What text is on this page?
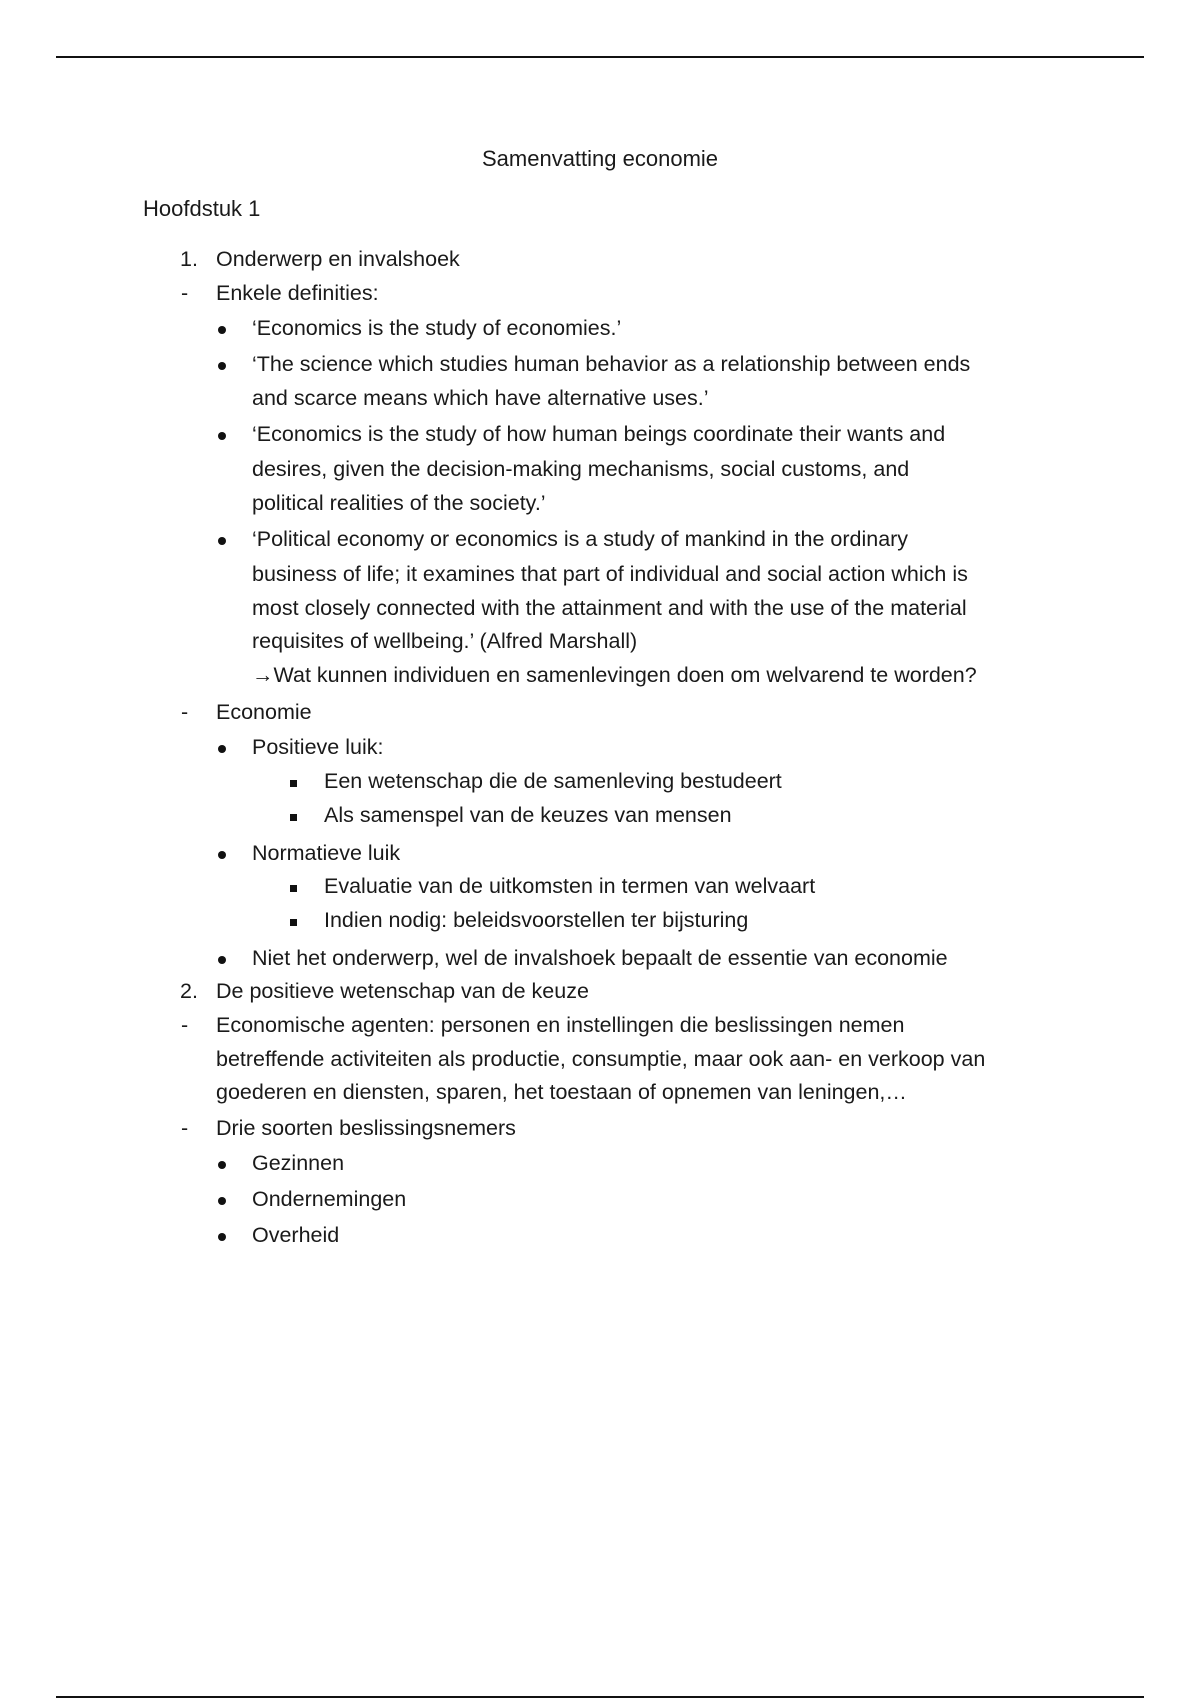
Samenvatting economie
Hoofdstuk 1
1. Onderwerp en invalshoek
- Enkele definities:
‘Economics is the study of economies.’
‘The science which studies human behavior as a relationship between ends
and scarce means which have alternative uses.’
‘Economics is the study of how human beings coordinate their wants and
desires, given the decision-making mechanisms, social customs, and
political realities of the society.’
‘Political economy or economics is a study of mankind in the ordinary
business of life; it examines that part of individual and social action which is
most closely connected with the attainment and with the use of the material
requisites of wellbeing.’ (Alfred Marshall)
→Wat kunnen individuen en samenlevingen doen om welvarend te worden?
- Economie
Positieve luik:
Een wetenschap die de samenleving bestudeert
Als samenspel van de keuzes van mensen
Normatieve luik
Evaluatie van de uitkomsten in termen van welvaart
Indien nodig: beleidsvoorstellen ter bijsturing
Niet het onderwerp, wel de invalshoek bepaalt de essentie van economie
2. De positieve wetenschap van de keuze
- Economische agenten: personen en instellingen die beslissingen nemen
betreffende activiteiten als productie, consumptie, maar ook aan- en verkoop van
goederen en diensten, sparen, het toestaan of opnemen van leningen,…
- Drie soorten beslissingsnemers
Gezinnen
Ondernemingen
Overheid
